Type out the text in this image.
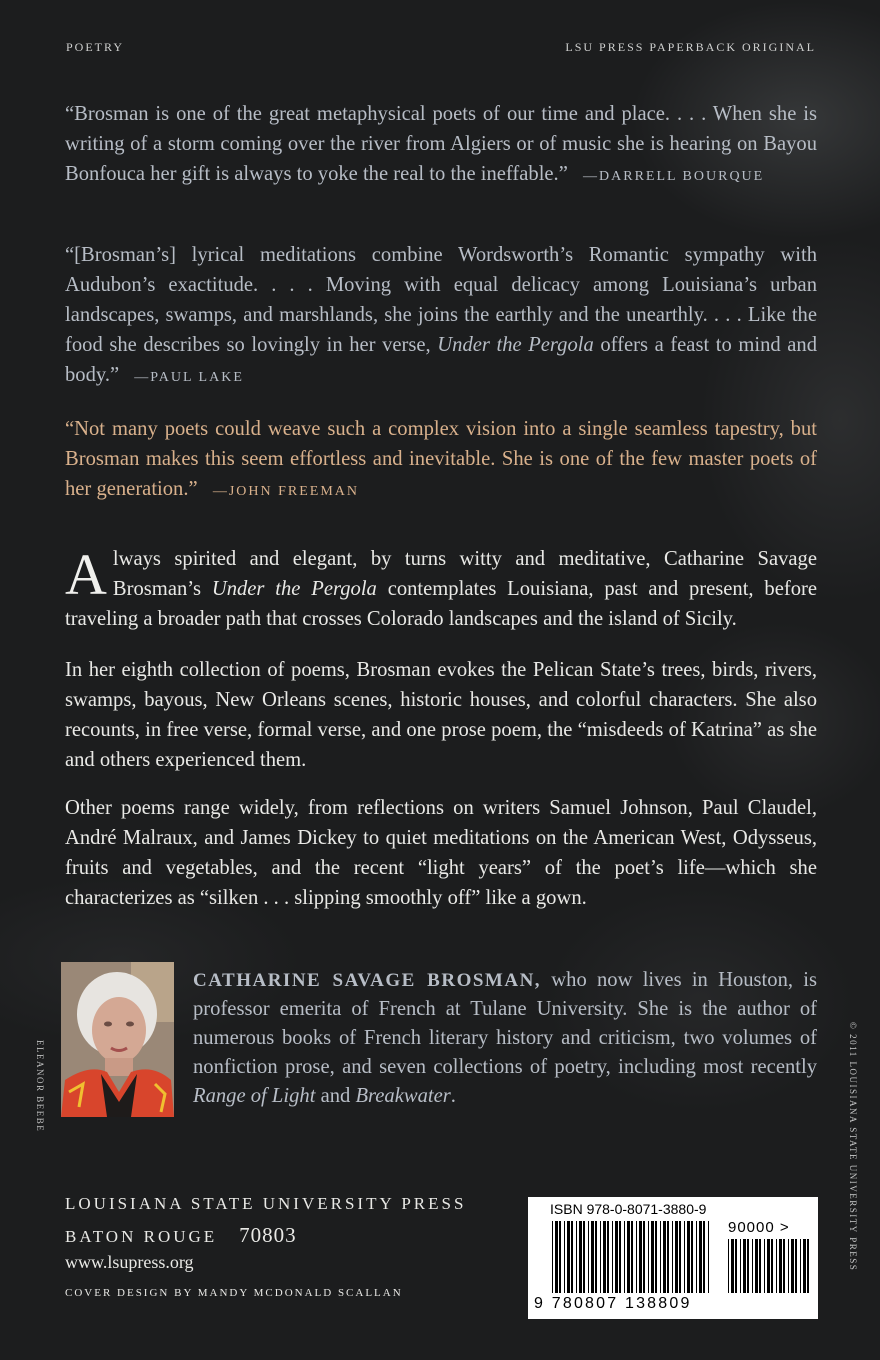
POETRY	LSU PRESS PAPERBACK ORIGINAL

“Brosman is one of the great metaphysical poets of our time and place. . . . When she is writing of a storm coming over the river from Algiers or of music she is hearing on Bayou Bonfouca her gift is always to yoke the real to the ineffable.” —DARRELL BOURQUE

“[Brosman’s] lyrical meditations combine Wordsworth’s Romantic sympathy with Audubon’s exactitude. . . . Moving with equal delicacy among Louisiana’s urban landscapes, swamps, and marshlands, she joins the earthly and the unearthly. . . . Like the food she describes so lovingly in her verse, Under the Pergola offers a feast to mind and body.” —PAUL LAKE

“Not many poets could weave such a complex vision into a single seamless tapestry, but Brosman makes this seem effortless and inevitable. She is one of the few master poets of her generation.” —JOHN FREEMAN

Always spirited and elegant, by turns witty and meditative, Catharine Savage Brosman’s Under the Pergola contemplates Louisiana, past and present, before traveling a broader path that crosses Colorado landscapes and the island of Sicily.

In her eighth collection of poems, Brosman evokes the Pelican State’s trees, birds, rivers, swamps, bayous, New Orleans scenes, historic houses, and colorful characters. She also recounts, in free verse, formal verse, and one prose poem, the “misdeeds of Katrina” as she and others experienced them.

Other poems range widely, from reflections on writers Samuel Johnson, Paul Claudel, André Malraux, and James Dickey to quiet meditations on the American West, Odysseus, fruits and vegetables, and the recent “light years” of the poet’s life—which she characterizes as “silken . . . slipping smoothly off” like a gown.

ELEANOR BEEBE

CATHARINE SAVAGE BROSMAN, who now lives in Houston, is professor emerita of French at Tulane University. She is the author of numerous books of French literary history and criticism, two volumes of nonfiction prose, and seven collections of poetry, including most recently Range of Light and Breakwater.	© 2011 LOUISIANA STATE UNIVERSITY PRESS
LOUISIANA STATE UNIVERSITY PRESS
BATON ROUGE 70803
www.lsupress.org
COVER DESIGN BY MANDY MCDONALD SCALLAN
ISBN 978-0-8071-3880-9
90000 >
9 780807 138809
